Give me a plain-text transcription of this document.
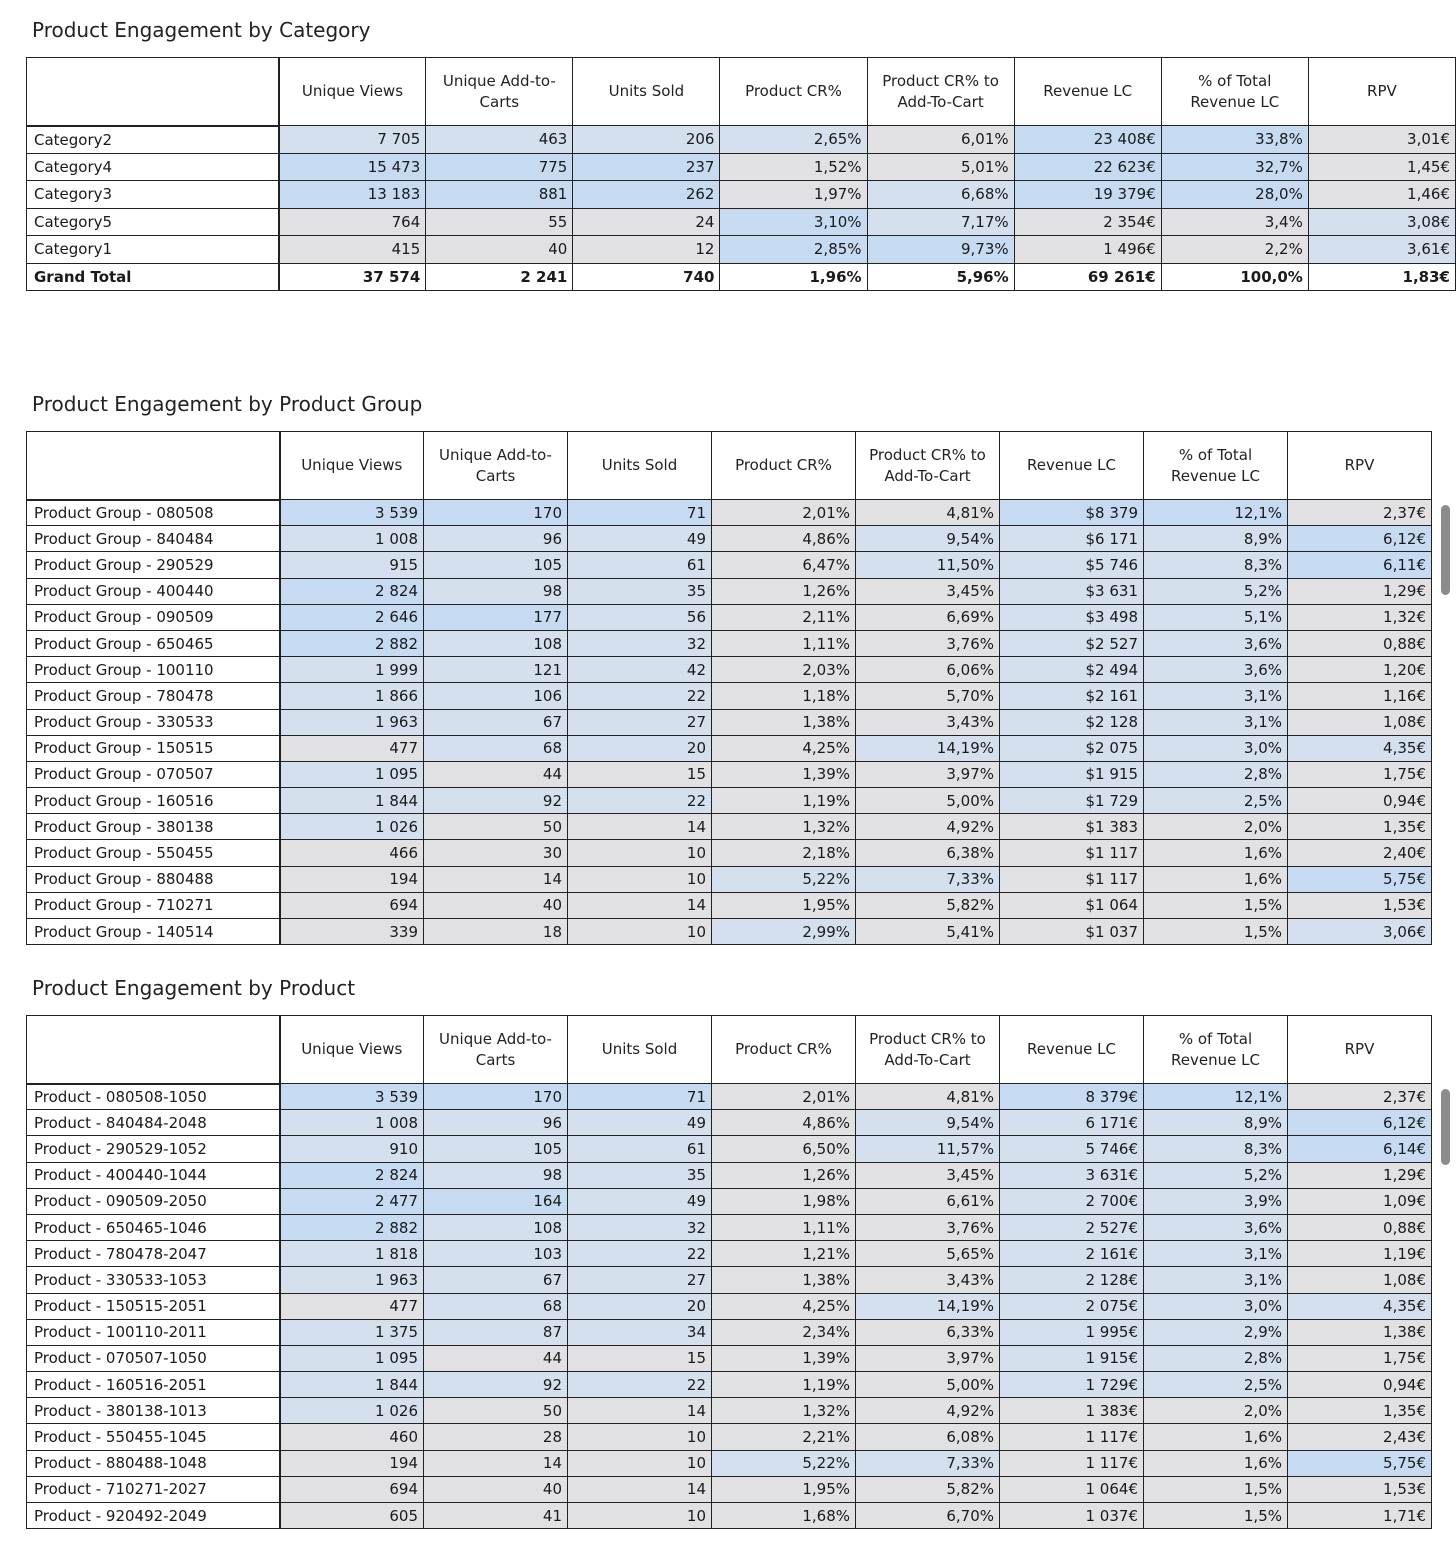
Product Engagement by Category
	Unique Views	Unique Add-to-Carts	Units Sold	Product CR%	Product CR% to Add-To-Cart	Revenue LC	% of Total Revenue LC	RPV
Category2	7 705	463	206	2,65%	6,01%	23 408€	33,8%	3,01€
Category4	15 473	775	237	1,52%	5,01%	22 623€	32,7%	1,45€
Category3	13 183	881	262	1,97%	6,68%	19 379€	28,0%	1,46€
Category5	764	55	24	3,10%	7,17%	2 354€	3,4%	3,08€
Category1	415	40	12	2,85%	9,73%	1 496€	2,2%	3,61€
Grand Total	37 574	2 241	740	1,96%	5,96%	69 261€	100,0%	1,83€
Product Engagement by Product Group
	Unique Views	Unique Add-to-Carts	Units Sold	Product CR%	Product CR% to Add-To-Cart	Revenue LC	% of Total Revenue LC	RPV
Product Group - 080508	3 539	170	71	2,01%	4,81%	$8 379	12,1%	2,37€
Product Group - 840484	1 008	96	49	4,86%	9,54%	$6 171	8,9%	6,12€
Product Group - 290529	915	105	61	6,47%	11,50%	$5 746	8,3%	6,11€
Product Group - 400440	2 824	98	35	1,26%	3,45%	$3 631	5,2%	1,29€
Product Group - 090509	2 646	177	56	2,11%	6,69%	$3 498	5,1%	1,32€
Product Group - 650465	2 882	108	32	1,11%	3,76%	$2 527	3,6%	0,88€
Product Group - 100110	1 999	121	42	2,03%	6,06%	$2 494	3,6%	1,20€
Product Group - 780478	1 866	106	22	1,18%	5,70%	$2 161	3,1%	1,16€
Product Group - 330533	1 963	67	27	1,38%	3,43%	$2 128	3,1%	1,08€
Product Group - 150515	477	68	20	4,25%	14,19%	$2 075	3,0%	4,35€
Product Group - 070507	1 095	44	15	1,39%	3,97%	$1 915	2,8%	1,75€
Product Group - 160516	1 844	92	22	1,19%	5,00%	$1 729	2,5%	0,94€
Product Group - 380138	1 026	50	14	1,32%	4,92%	$1 383	2,0%	1,35€
Product Group - 550455	466	30	10	2,18%	6,38%	$1 117	1,6%	2,40€
Product Group - 880488	194	14	10	5,22%	7,33%	$1 117	1,6%	5,75€
Product Group - 710271	694	40	14	1,95%	5,82%	$1 064	1,5%	1,53€
Product Group - 140514	339	18	10	2,99%	5,41%	$1 037	1,5%	3,06€
Product Engagement by Product
	Unique Views	Unique Add-to-Carts	Units Sold	Product CR%	Product CR% to Add-To-Cart	Revenue LC	% of Total Revenue LC	RPV
Product - 080508-1050	3 539	170	71	2,01%	4,81%	8 379€	12,1%	2,37€
Product - 840484-2048	1 008	96	49	4,86%	9,54%	6 171€	8,9%	6,12€
Product - 290529-1052	910	105	61	6,50%	11,57%	5 746€	8,3%	6,14€
Product - 400440-1044	2 824	98	35	1,26%	3,45%	3 631€	5,2%	1,29€
Product - 090509-2050	2 477	164	49	1,98%	6,61%	2 700€	3,9%	1,09€
Product - 650465-1046	2 882	108	32	1,11%	3,76%	2 527€	3,6%	0,88€
Product - 780478-2047	1 818	103	22	1,21%	5,65%	2 161€	3,1%	1,19€
Product - 330533-1053	1 963	67	27	1,38%	3,43%	2 128€	3,1%	1,08€
Product - 150515-2051	477	68	20	4,25%	14,19%	2 075€	3,0%	4,35€
Product - 100110-2011	1 375	87	34	2,34%	6,33%	1 995€	2,9%	1,38€
Product - 070507-1050	1 095	44	15	1,39%	3,97%	1 915€	2,8%	1,75€
Product - 160516-2051	1 844	92	22	1,19%	5,00%	1 729€	2,5%	0,94€
Product - 380138-1013	1 026	50	14	1,32%	4,92%	1 383€	2,0%	1,35€
Product - 550455-1045	460	28	10	2,21%	6,08%	1 117€	1,6%	2,43€
Product - 880488-1048	194	14	10	5,22%	7,33%	1 117€	1,6%	5,75€
Product - 710271-2027	694	40	14	1,95%	5,82%	1 064€	1,5%	1,53€
Product - 920492-2049	605	41	10	1,68%	6,70%	1 037€	1,5%	1,71€
